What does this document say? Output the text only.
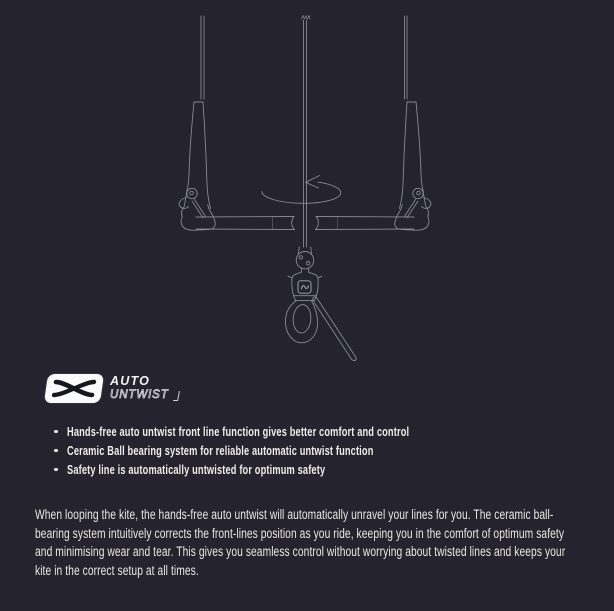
AUTO
UNTWIST
Hands-free auto untwist front line function gives better comfort and control
Ceramic Ball bearing system for reliable automatic untwist function
Safety line is automatically untwisted for optimum safety
When looping the kite, the hands-free auto untwist will automatically unravel your lines for you. The ceramic ball-bearing system intuitively corrects the front-lines position as you ride, keeping you in the comfort of optimum safety and minimising wear and tear. This gives you seamless control without worrying about twisted lines and keeps your kite in the correct setup at all times.
